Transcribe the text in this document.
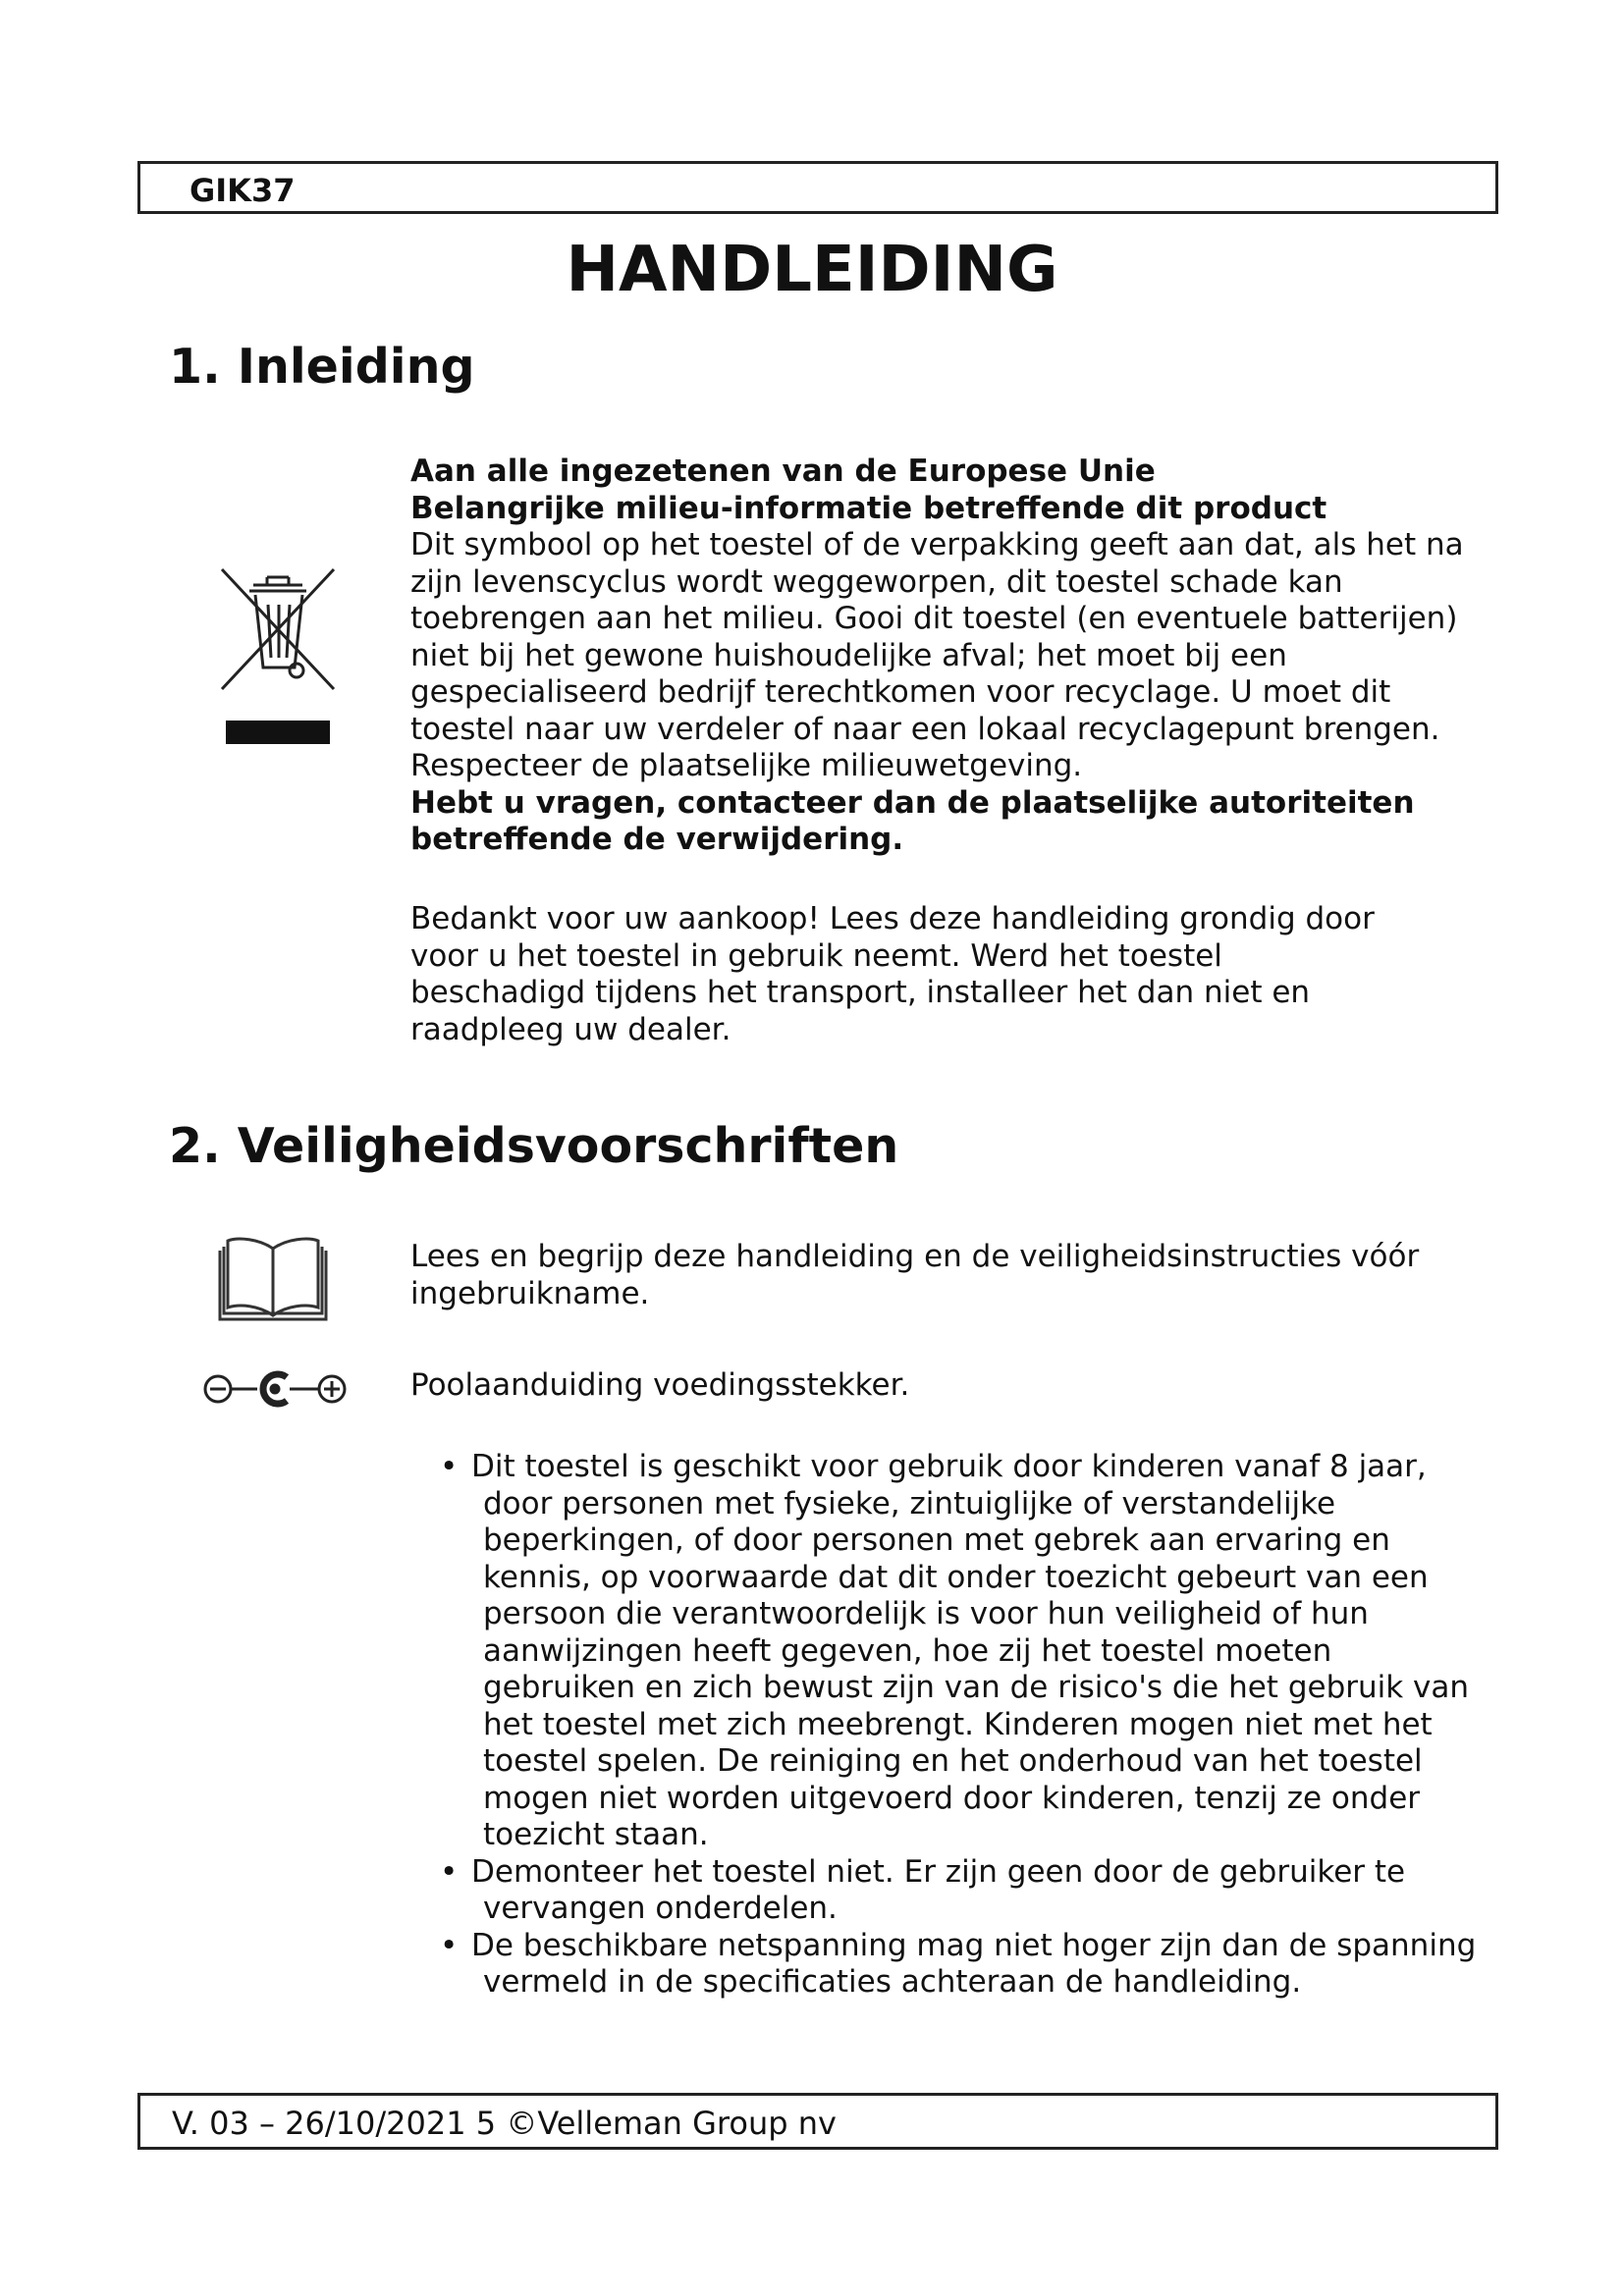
GIK37
HANDLEIDING
1. Inleiding

Aan alle ingezetenen van de Europese Unie

Belangrijke milieu-informatie betreffende dit product

Dit symbool op het toestel of de verpakking geeft aan dat, als het na zijn levenscyclus wordt weggeworpen, dit toestel schade kan toebrengen aan het milieu. Gooi dit toestel (en eventuele batterijen) niet bij het gewone huishoudelijke afval; het moet bij een gespecialiseerd bedrijf terechtkomen voor recyclage. U moet dit toestel naar uw verdeler of naar een lokaal recyclagepunt brengen. Respecteer de plaatselijke milieuwetgeving.

Hebt u vragen, contacteer dan de plaatselijke autoriteiten betreffende de verwijdering.

Bedankt voor uw aankoop! Lees deze handleiding grondig door voor u het toestel in gebruik neemt. Werd het toestel beschadigd tijdens het transport, installeer het dan niet en raadpleeg uw dealer.

2. Veiligheidsvoorschriften

Lees en begrijp deze handleiding en de veiligheidsinstructies vóór ingebruikname.

Poolaanduiding voedingsstekker.

• Dit toestel is geschikt voor gebruik door kinderen vanaf 8 jaar, door personen met fysieke, zintuiglijke of verstandelijke beperkingen, of door personen met gebrek aan ervaring en kennis, op voorwaarde dat dit onder toezicht gebeurt van een persoon die verantwoordelijk is voor hun veiligheid of hun aanwijzingen heeft gegeven, hoe zij het toestel moeten gebruiken en zich bewust zijn van de risico's die het gebruik van het toestel met zich meebrengt. Kinderen mogen niet met het toestel spelen. De reiniging en het onderhoud van het toestel mogen niet worden uitgevoerd door kinderen, tenzij ze onder toezicht staan.
• Demonteer het toestel niet. Er zijn geen door de gebruiker te vervangen onderdelen.
• De beschikbare netspanning mag niet hoger zijn dan de spanning vermeld in de specificaties achteraan de handleiding.
V. 03 – 26/10/2021 5 ©Velleman Group nv
